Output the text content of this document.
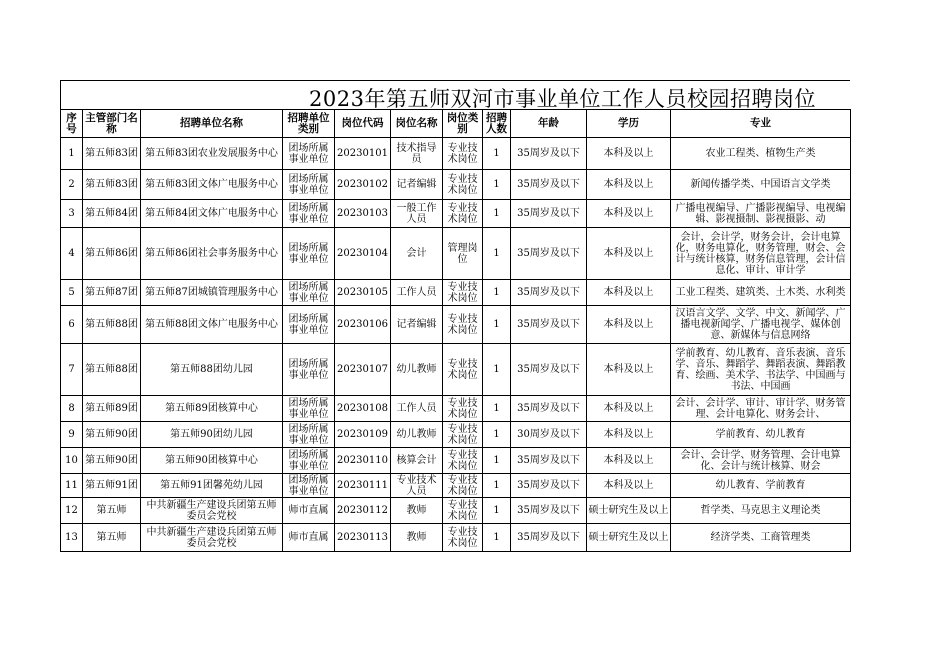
2023年第五师双河市事业单位工作人员校园招聘岗位
序号	主管部门名称	招聘单位名称	招聘单位类别	岗位代码	岗位名称	岗位类别	招聘人数	年龄	学历	专业
1	第五师83团	第五师83团农业发展服务中心	团场所属事业单位	20230101	技术指导员	专业技术岗位	1	35周岁及以下	本科及以上	农业工程类、植物生产类
2	第五师83团	第五师83团文体广电服务中心	团场所属事业单位	20230102	记者编辑	专业技术岗位	1	35周岁及以下	本科及以上	新闻传播学类、中国语言文学类
3	第五师84团	第五师84团文体广电服务中心	团场所属事业单位	20230103	一般工作人员	专业技术岗位	1	35周岁及以下	本科及以上	广播电视编导、广播影视编导、电视编辑、影视摄制、影视摄影、动
4	第五师86团	第五师86团社会事务服务中心	团场所属事业单位	20230104	会计	管理岗位	1	35周岁及以下	本科及以上	会计，会计学，财务会计，会计电算化，财务电算化，财务管理，财会、会计与统计核算，财务信息管理，会计信息化、审计、审计学
5	第五师87团	第五师87团城镇管理服务中心	团场所属事业单位	20230105	工作人员	专业技术岗位	1	35周岁及以下	本科及以上	工业工程类、建筑类、土木类、水利类
6	第五师88团	第五师88团文体广电服务中心	团场所属事业单位	20230106	记者编辑	专业技术岗位	1	35周岁及以下	本科及以上	汉语言文学、文学、中文、新闻学、广播电视新闻学、广播电视学、媒体创意、新媒体与信息网络
7	第五师88团	第五师88团幼儿园	团场所属事业单位	20230107	幼儿教师	专业技术岗位	1	35周岁及以下	本科及以上	学前教育、幼儿教育、音乐表演、音乐学、音乐、舞蹈学、舞蹈表演、舞蹈教育、绘画、美术学、书法学、中国画与书法、中国画
8	第五师89团	第五师89团核算中心	团场所属事业单位	20230108	工作人员	专业技术岗位	1	35周岁及以下	本科及以上	会计、会计学、审计、审计学、财务管理、会计电算化、财务会计、
9	第五师90团	第五师90团幼儿园	团场所属事业单位	20230109	幼儿教师	专业技术岗位	1	30周岁及以下	本科及以上	学前教育、幼儿教育
10	第五师90团	第五师90团核算中心	团场所属事业单位	20230110	核算会计	专业技术岗位	1	35周岁及以下	本科及以上	会计、会计学、财务管理、会计电算化、会计与统计核算、财会
11	第五师91团	第五师91团馨苑幼儿园	团场所属事业单位	20230111	专业技术人员	专业技术岗位	1	35周岁及以下	本科及以上	幼儿教育、学前教育
12	第五师	中共新疆生产建设兵团第五师委员会党校	师市直属	20230112	教师	专业技术岗位	1	35周岁及以下	硕士研究生及以上	哲学类、马克思主义理论类
13	第五师	中共新疆生产建设兵团第五师委员会党校	师市直属	20230113	教师	专业技术岗位	1	35周岁及以下	硕士研究生及以上	经济学类、工商管理类
